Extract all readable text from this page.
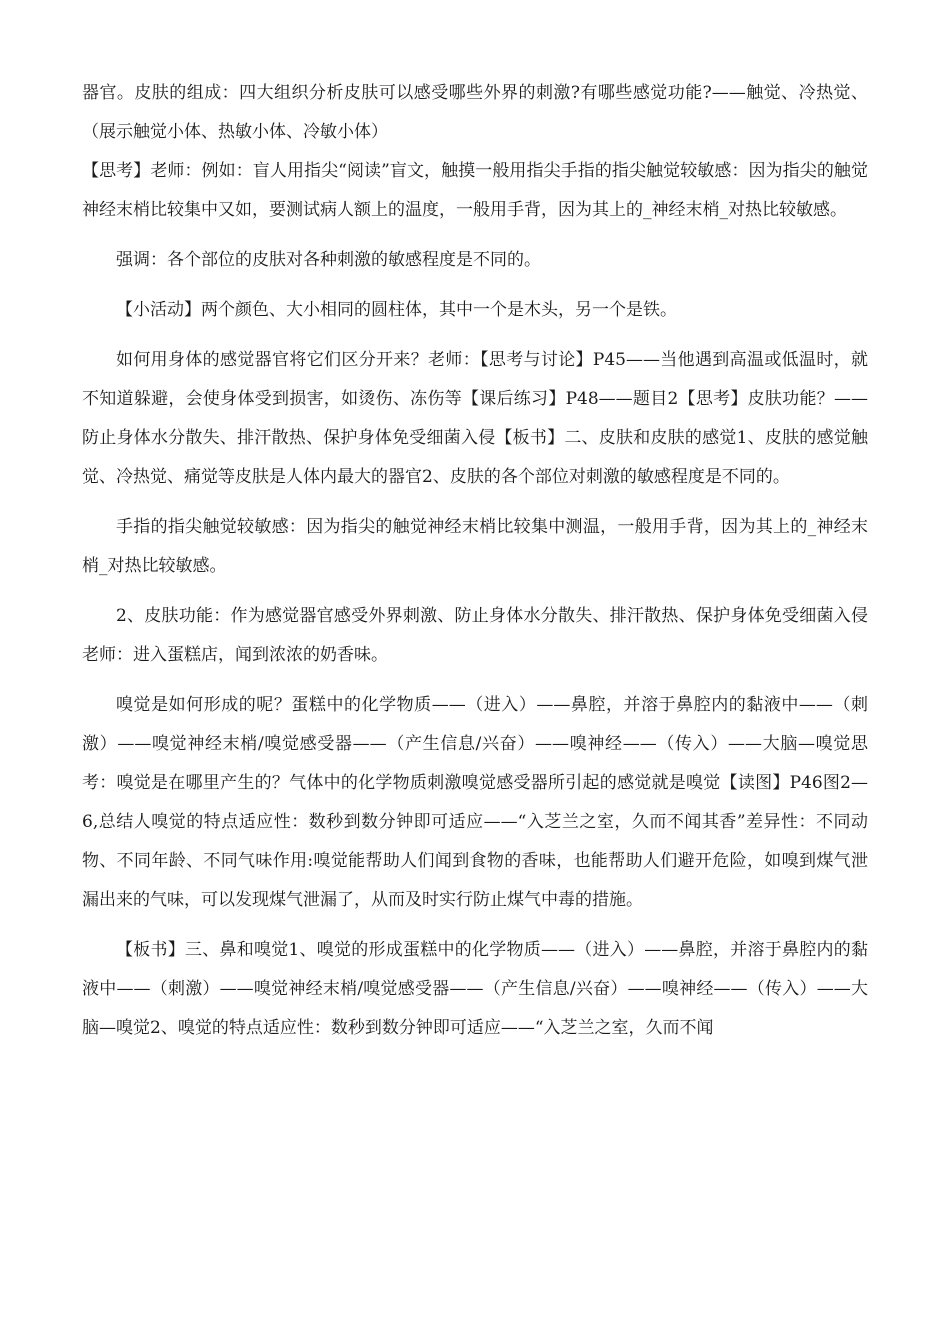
器官。皮肤的组成：四大组织分析皮肤可以感受哪些外界的刺激?有哪些感觉功能?——触觉、冷热觉、（展示触觉小体、热敏小体、冷敏小体）

【思考】老师：例如：盲人用指尖“阅读”盲文，触摸一般用指尖手指的指尖触觉较敏感：因为指尖的触觉神经末梢比较集中又如，要测试病人额上的温度，一般用手背，因为其上的_神经末梢_对热比较敏感。

强调：各个部位的皮肤对各种刺激的敏感程度是不同的。

【小活动】两个颜色、大小相同的圆柱体，其中一个是木头，另一个是铁。

如何用身体的感觉器官将它们区分开来？老师：【思考与讨论】P45——当他遇到高温或低温时，就不知道躲避，会使身体受到损害，如烫伤、冻伤等【课后练习】P48——题目2【思考】皮肤功能？——防止身体水分散失、排汗散热、保护身体免受细菌入侵【板书】二、皮肤和皮肤的感觉1、皮肤的感觉触觉、冷热觉、痛觉等皮肤是人体内最大的器官2、皮肤的各个部位对刺激的敏感程度是不同的。

手指的指尖触觉较敏感：因为指尖的触觉神经末梢比较集中测温，一般用手背，因为其上的_神经末梢_对热比较敏感。

2、皮肤功能：作为感觉器官感受外界刺激、防止身体水分散失、排汗散热、保护身体免受细菌入侵老师：进入蛋糕店，闻到浓浓的奶香味。

嗅觉是如何形成的呢？蛋糕中的化学物质——（进入）——鼻腔，并溶于鼻腔内的黏液中——（刺激）——嗅觉神经末梢/嗅觉感受器——（产生信息/兴奋）——嗅神经——（传入）——大脑—嗅觉思考：嗅觉是在哪里产生的？气体中的化学物质刺激嗅觉感受器所引起的感觉就是嗅觉【读图】P46图2—6,总结人嗅觉的特点适应性：数秒到数分钟即可适应——“入芝兰之室，久而不闻其香”差异性：不同动物、不同年龄、不同气味作用:嗅觉能帮助人们闻到食物的香味，也能帮助人们避开危险，如嗅到煤气泄漏出来的气味，可以发现煤气泄漏了，从而及时实行防止煤气中毒的措施。

【板书】三、鼻和嗅觉1、嗅觉的形成蛋糕中的化学物质——（进入）——鼻腔，并溶于鼻腔内的黏液中——（刺激）——嗅觉神经末梢/嗅觉感受器——（产生信息/兴奋）——嗅神经——（传入）——大脑—嗅觉2、嗅觉的特点适应性：数秒到数分钟即可适应——“入芝兰之室，久而不闻
